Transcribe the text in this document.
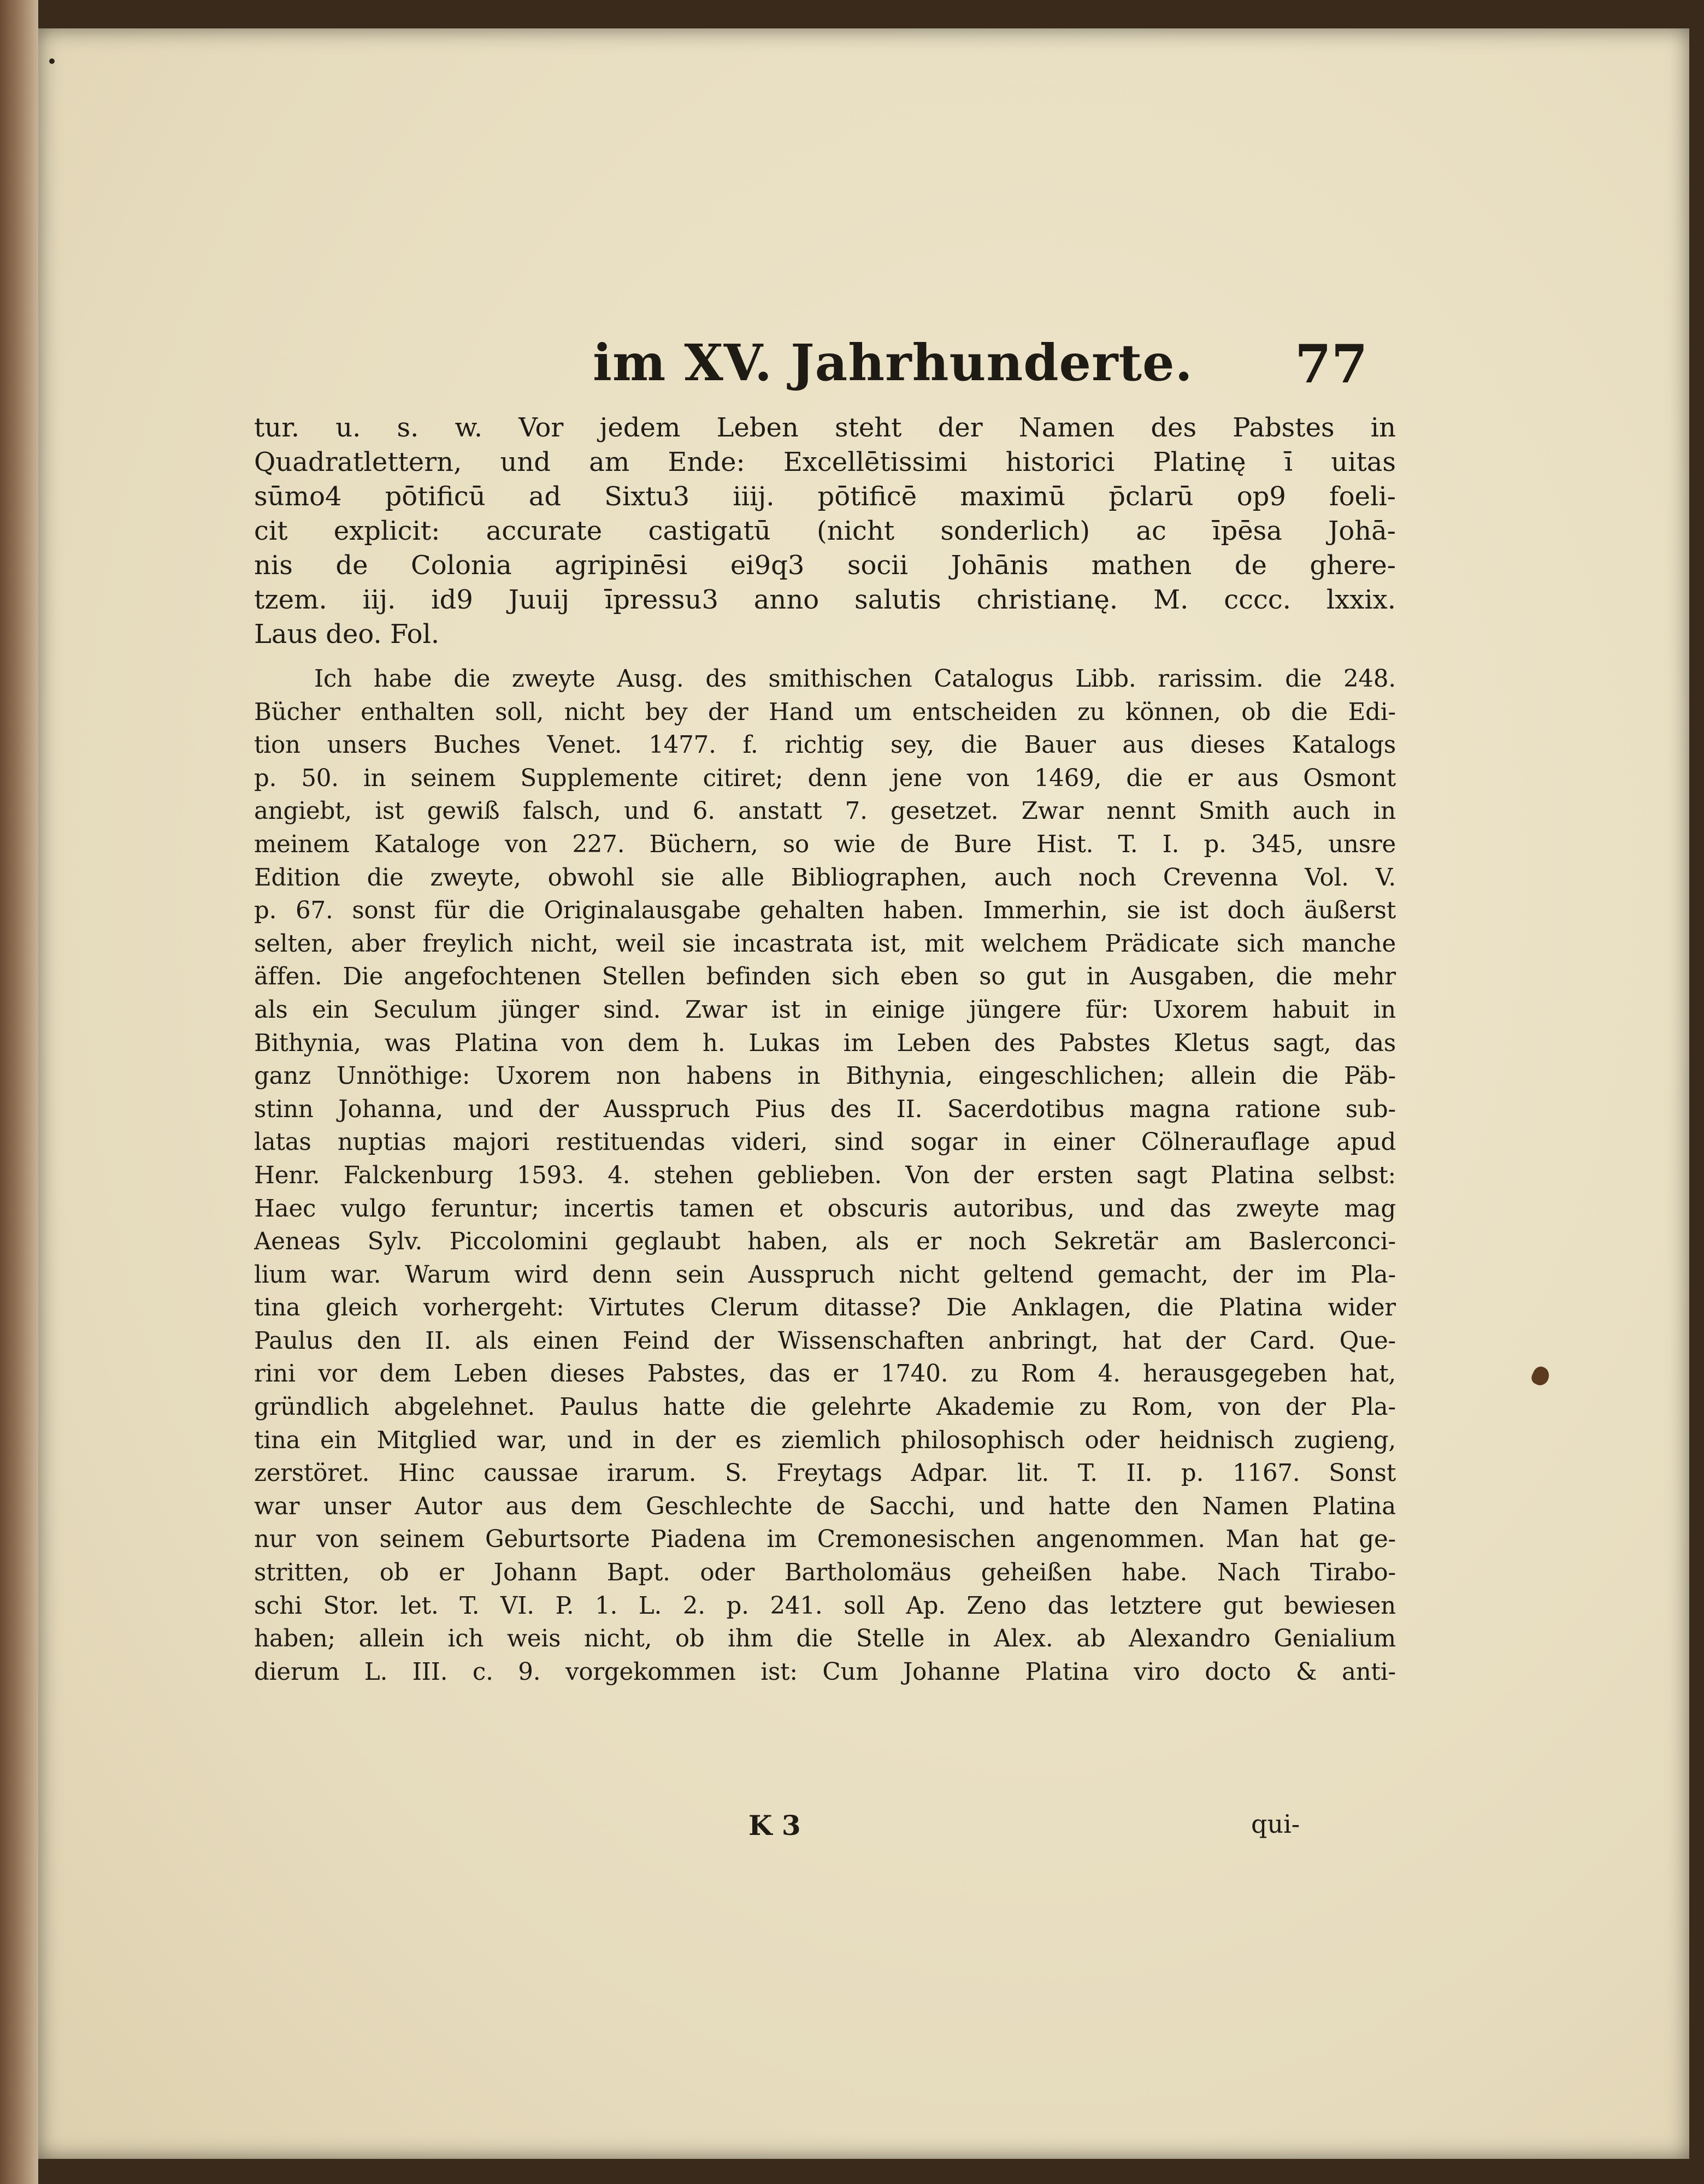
im XV. Jahrhunderte. 77
tur. u. s. w. Vor jedem Leben steht der Namen des Pabstes in
Quadratlettern, und am Ende: Excellētissimi historici Platinę ī uitas
sūmo4 pōtificū ad Sixtu3 iiij. pōtificē maximū p̄clarū op9 foeli-
cit explicit: accurate castigatū (nicht sonderlich) ac īpēsa Johā-
nis de Colonia agripinēsi ei9q3 socii Johānis mathen de ghere-
tzem. iij. id9 Juuij īpressu3 anno salutis christianę. M. cccc. lxxix.
Laus deo. Fol.
Ich habe die zweyte Ausg. des smithischen Catalogus Libb. rarissim. die 248.
Bücher enthalten soll, nicht bey der Hand um entscheiden zu können, ob die Edi-
tion unsers Buches Venet. 1477. f. richtig sey, die Bauer aus dieses Katalogs
p. 50. in seinem Supplemente citiret; denn jene von 1469, die er aus Osmont
angiebt, ist gewiß falsch, und 6. anstatt 7. gesetzet. Zwar nennt Smith auch in
meinem Kataloge von 227. Büchern, so wie de Bure Hist. T. I. p. 345, unsre
Edition die zweyte, obwohl sie alle Bibliographen, auch noch Crevenna Vol. V.
p. 67. sonst für die Originalausgabe gehalten haben. Immerhin, sie ist doch äußerst
selten, aber freylich nicht, weil sie incastrata ist, mit welchem Prädicate sich manche
äffen. Die angefochtenen Stellen befinden sich eben so gut in Ausgaben, die mehr
als ein Seculum jünger sind. Zwar ist in einige jüngere für: Uxorem habuit in
Bithynia, was Platina von dem h. Lukas im Leben des Pabstes Kletus sagt, das
ganz Unnöthige: Uxorem non habens in Bithynia, eingeschlichen; allein die Päb-
stinn Johanna, und der Ausspruch Pius des II. Sacerdotibus magna ratione sub-
latas nuptias majori restituendas videri, sind sogar in einer Cölnerauflage apud
Henr. Falckenburg 1593. 4. stehen geblieben. Von der ersten sagt Platina selbst:
Haec vulgo feruntur; incertis tamen et obscuris autoribus, und das zweyte mag
Aeneas Sylv. Piccolomini geglaubt haben, als er noch Sekretär am Baslerconci-
lium war. Warum wird denn sein Ausspruch nicht geltend gemacht, der im Pla-
tina gleich vorhergeht: Virtutes Clerum ditasse? Die Anklagen, die Platina wider
Paulus den II. als einen Feind der Wissenschaften anbringt, hat der Card. Que-
rini vor dem Leben dieses Pabstes, das er 1740. zu Rom 4. herausgegeben hat,
gründlich abgelehnet. Paulus hatte die gelehrte Akademie zu Rom, von der Pla-
tina ein Mitglied war, und in der es ziemlich philosophisch oder heidnisch zugieng,
zerstöret. Hinc caussae irarum. S. Freytags Adpar. lit. T. II. p. 1167. Sonst
war unser Autor aus dem Geschlechte de Sacchi, und hatte den Namen Platina
nur von seinem Geburtsorte Piadena im Cremonesischen angenommen. Man hat ge-
stritten, ob er Johann Bapt. oder Bartholomäus geheißen habe. Nach Tirabo-
schi Stor. let. T. VI. P. 1. L. 2. p. 241. soll Ap. Zeno das letztere gut bewiesen
haben; allein ich weis nicht, ob ihm die Stelle in Alex. ab Alexandro Genialium
dierum L. III. c. 9. vorgekommen ist: Cum Johanne Platina viro docto & anti-
K 3	qui-
